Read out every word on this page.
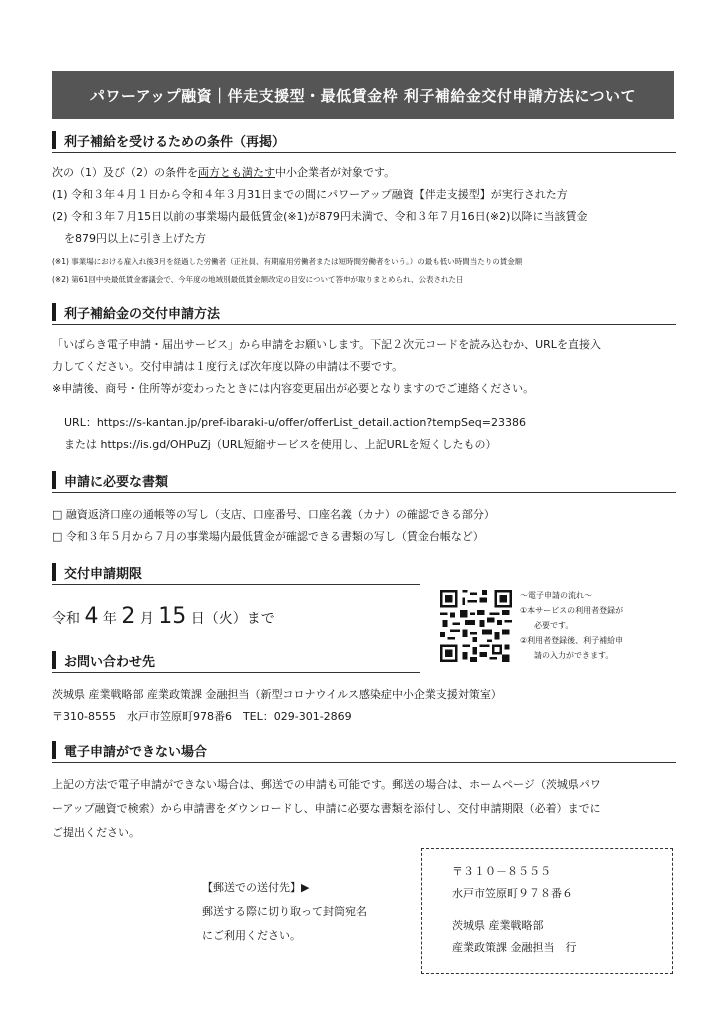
パワーアップ融資｜伴走支援型・最低賃金枠 利子補給金交付申請方法について
利子補給を受けるための条件（再掲）
次の（1）及び（2）の条件を両方とも満たす中小企業者が対象です。
(1) 令和３年４月１日から令和４年３月31日までの間にパワーアップ融資【伴走支援型】が実行された方
(2) 令和３年７月15日以前の事業場内最低賃金(※1)が879円未満で、令和３年７月16日(※2)以降に当該賃金
を879円以上に引き上げた方
(※1) 事業場における雇入れ後3月を経過した労働者（正社員、有期雇用労働者または短時間労働者をいう。）の最も低い時間当たりの賃金額
(※2) 第61回中央最低賃金審議会で、今年度の地域別最低賃金額改定の目安について答申が取りまとめられ、公表された日
利子補給金の交付申請方法
「いばらき電子申請・届出サービス」から申請をお願いします。下記２次元コードを読み込むか、URLを直接入
力してください。交付申請は１度行えば次年度以降の申請は不要です。
※申請後、商号・住所等が変わったときには内容変更届出が必要となりますのでご連絡ください。
URL：https://s-kantan.jp/pref-ibaraki-u/offer/offerList_detail.action?tempSeq=23386
または https://is.gd/OHPuZj（URL短縮サービスを使用し、上記URLを短くしたもの）
申請に必要な書類
□ 融資返済口座の通帳等の写し（支店、口座番号、口座名義（カナ）の確認できる部分）
□ 令和３年５月から７月の事業場内最低賃金が確認できる書類の写し（賃金台帳など）
交付申請期限
令和 4 年 2 月 15 日（火）まで
～電子申請の流れ～
①本サービスの利用者登録が
必要です。
②利用者登録後、利子補給申
請の入力ができます。
お問い合わせ先
茨城県 産業戦略部 産業政策課 金融担当（新型コロナウイルス感染症中小企業支援対策室）
〒310-8555　水戸市笠原町978番6　TEL：029-301-2869
電子申請ができない場合
上記の方法で電子申請ができない場合は、郵送での申請も可能です。郵送の場合は、ホームページ（茨城県パワ
ーアップ融資で検索）から申請書をダウンロードし、申請に必要な書類を添付し、交付申請期限（必着）までに
ご提出ください。
【郵送での送付先】▶
郵送する際に切り取って封筒宛名
にご利用ください。
〒３１０－８５５５
水戸市笠原町９７８番６
茨城県 産業戦略部
産業政策課 金融担当　行
